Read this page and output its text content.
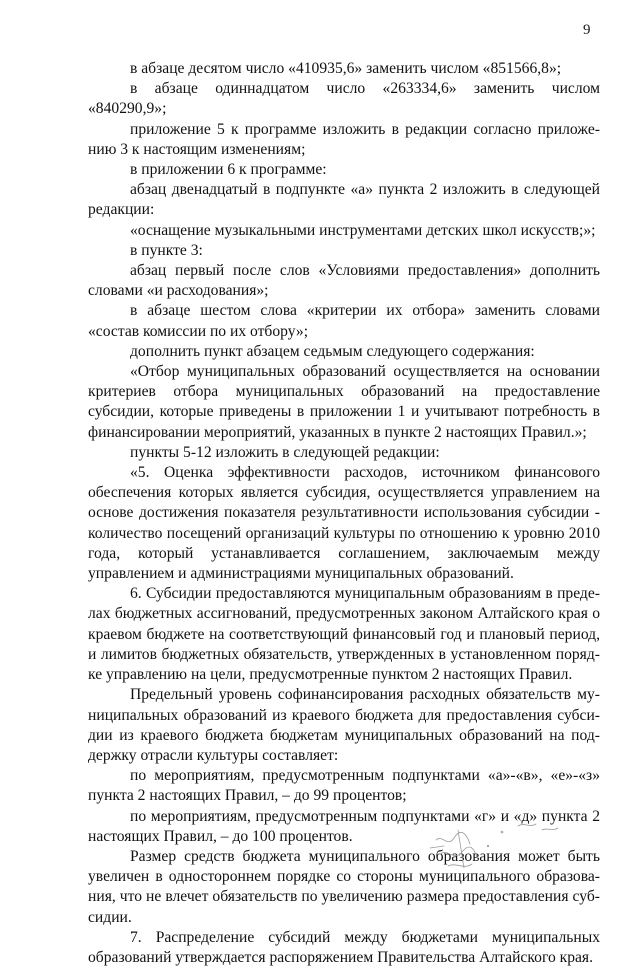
9

в абзаце десятом число «410935,6» заменить числом «851566,8»;

в абзаце одиннадцатом число «263334,6» заменить числом «840290,9»;

приложение 5 к программе изложить в редакции согласно приложению 3 к настоящим изменениям;

в приложении 6 к программе:

абзац двенадцатый в подпункте «а» пункта 2 изложить в следующей редакции:

«оснащение музыкальными инструментами детских школ искусств;»;

в пункте 3:

абзац первый после слов «Условиями предоставления» дополнить словами «и расходования»;

в абзаце шестом слова «критерии их отбора» заменить словами «состав комиссии по их отбору»;

дополнить пункт абзацем седьмым следующего содержания:

«Отбор муниципальных образований осуществляется на основании критериев отбора муниципальных образований на предоставление субсидии, которые приведены в приложении 1 и учитывают потребность в финансировании мероприятий, указанных в пункте 2 настоящих Правил.»;

пункты 5-12 изложить в следующей редакции:

«5. Оценка эффективности расходов, источником финансового обеспечения которых является субсидия, осуществляется управлением на основе достижения показателя результативности использования субсидии - количество посещений организаций культуры по отношению к уровню 2010 года, который устанавливается соглашением, заключаемым между управлением и администрациями муниципальных образований.

6. Субсидии предоставляются муниципальным образованиям в пределах бюджетных ассигнований, предусмотренных законом Алтайского края о краевом бюджете на соответствующий финансовый год и плановый период, и лимитов бюджетных обязательств, утвержденных в установленном порядке управлению на цели, предусмотренные пунктом 2 настоящих Правил.

Предельный уровень софинансирования расходных обязательств муниципальных образований из краевого бюджета для предоставления субсидии из краевого бюджета бюджетам муниципальных образований на поддержку отрасли культуры составляет:

по мероприятиям, предусмотренным подпунктами «а»-«в», «е»-«з» пункта 2 настоящих Правил, – до 99 процентов;

по мероприятиям, предусмотренным подпунктами «г» и «д» пункта 2 настоящих Правил, – до 100 процентов.

Размер средств бюджета муниципального образования может быть увеличен в одностороннем порядке со стороны муниципального образования, что не влечет обязательств по увеличению размера предоставления субсидии.

7. Распределение субсидий между бюджетами муниципальных образований утверждается распоряжением Правительства Алтайского края.
